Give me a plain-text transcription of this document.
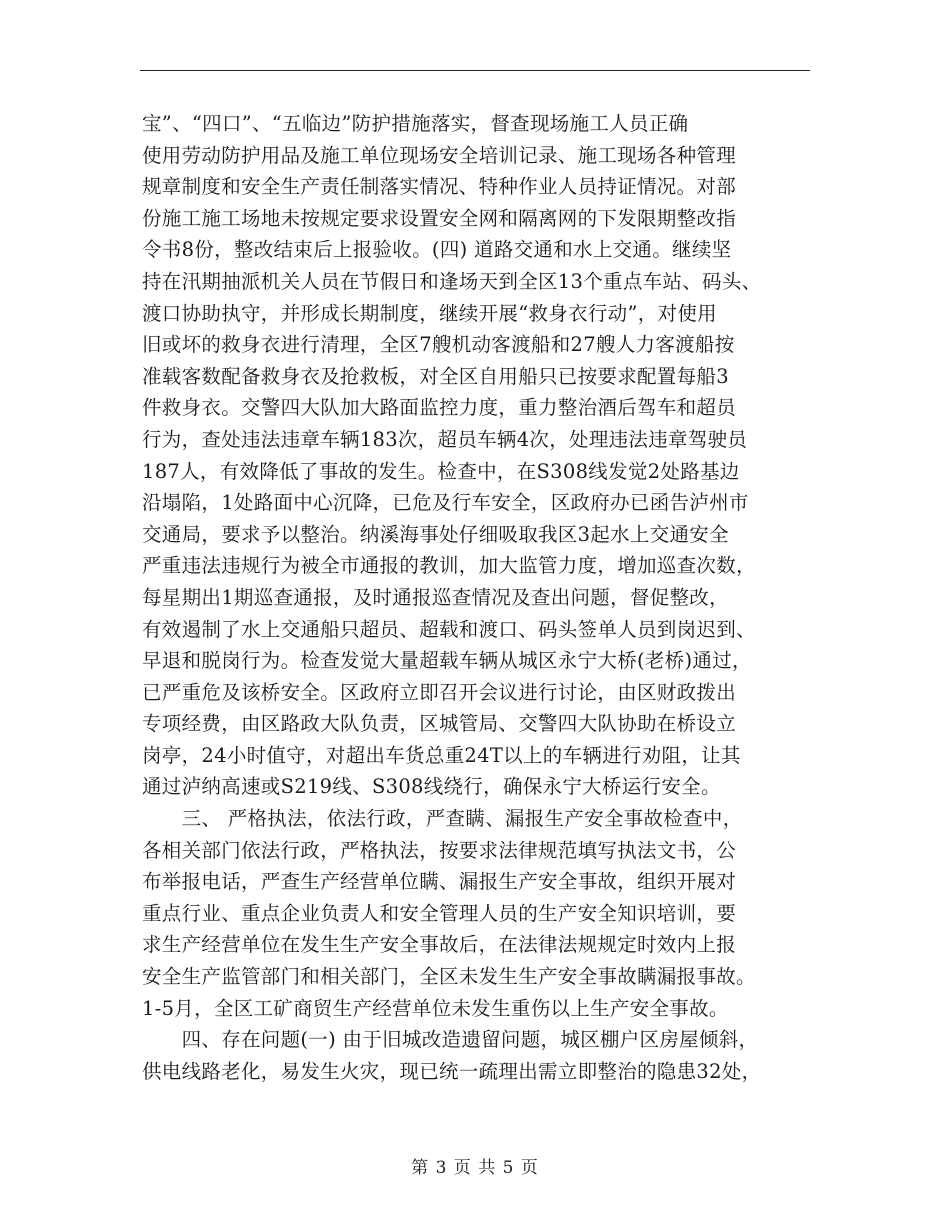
宝”、“四口”、“五临边”防护措施落实，督查现场施工人员正确
使用劳动防护用品及施工单位现场安全培训记录、施工现场各种管理
规章制度和安全生产责任制落实情况、特种作业人员持证情况。对部
份施工施工场地未按规定要求设置安全网和隔离网的下发限期整改指
令书8份，整改结束后上报验收。(四) 道路交通和水上交通。继续坚
持在汛期抽派机关人员在节假日和逢场天到全区13个重点车站、码头、
渡口协助执守，并形成长期制度，继续开展“救身衣行动”，对使用
旧或坏的救身衣进行清理，全区7艘机动客渡船和27艘人力客渡船按
准载客数配备救身衣及抢救板，对全区自用船只已按要求配置每船3
件救身衣。交警四大队加大路面监控力度，重力整治酒后驾车和超员
行为，查处违法违章车辆183次，超员车辆4次，处理违法违章驾驶员
187人，有效降低了事故的发生。检查中，在S308线发觉2处路基边
沿塌陷，1处路面中心沉降，已危及行车安全，区政府办已函告泸州市
交通局，要求予以整治。纳溪海事处仔细吸取我区3起水上交通安全
严重违法违规行为被全市通报的教训，加大监管力度，增加巡查次数，
每星期出1期巡查通报，及时通报巡查情况及查出问题，督促整改，
有效遏制了水上交通船只超员、超载和渡口、码头签单人员到岗迟到、
早退和脱岗行为。检查发觉大量超载车辆从城区永宁大桥(老桥)通过，
已严重危及该桥安全。区政府立即召开会议进行讨论，由区财政拨出
专项经费，由区路政大队负责，区城管局、交警四大队协助在桥设立
岗亭，24小时值守，对超出车货总重24T以上的车辆进行劝阻，让其
通过泸纳高速或S219线、S308线绕行，确保永宁大桥运行安全。
　　三、 严格执法，依法行政，严查瞒、漏报生产安全事故检查中，
各相关部门依法行政，严格执法，按要求法律规范填写执法文书，公
布举报电话，严查生产经营单位瞒、漏报生产安全事故，组织开展对
重点行业、重点企业负责人和安全管理人员的生产安全知识培训，要
求生产经营单位在发生生产安全事故后，在法律法规规定时效内上报
安全生产监管部门和相关部门，全区未发生生产安全事故瞒漏报事故。
1-5月，全区工矿商贸生产经营单位未发生重伤以上生产安全事故。
　　四、存在问题(一) 由于旧城改造遗留问题，城区棚户区房屋倾斜，
供电线路老化，易发生火灾，现已统一疏理出需立即整治的隐患32处，
第 3 页 共 5 页
